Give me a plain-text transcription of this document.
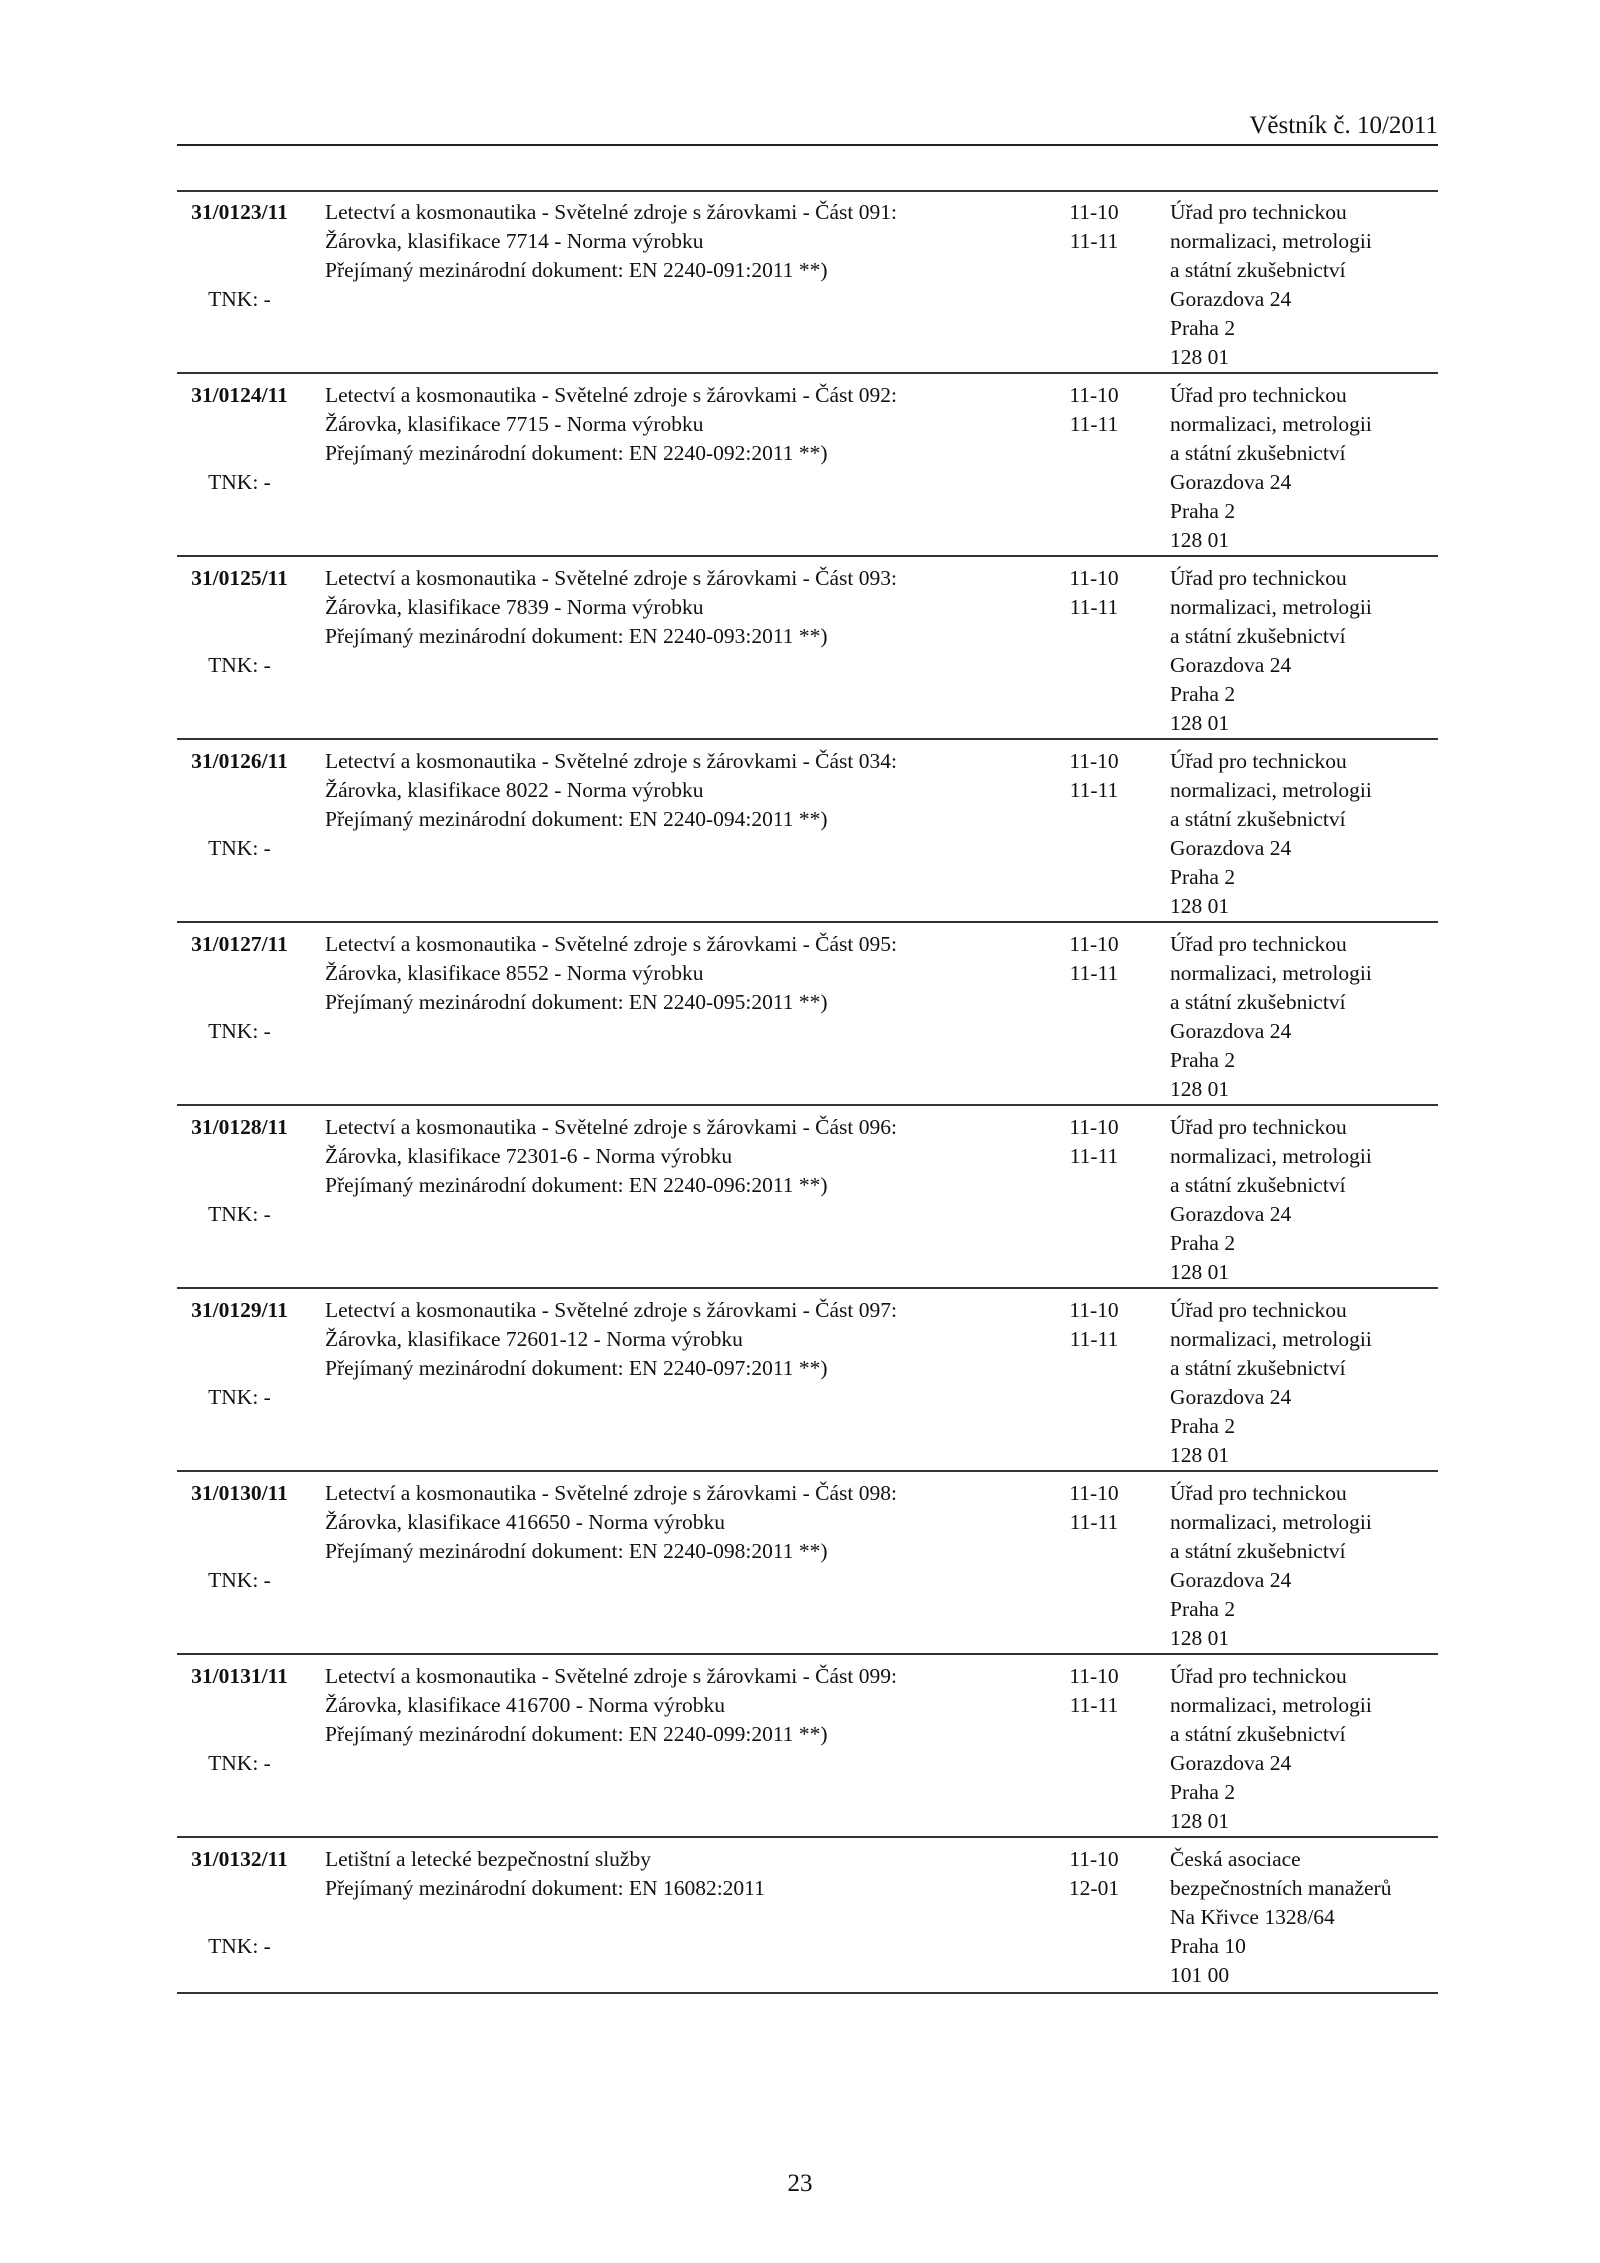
Věstník č. 10/2011
31/0123/11
TNK: -
Letectví a kosmonautika - Světelné zdroje s žárovkami - Část 091:
Žárovka, klasifikace 7714 - Norma výrobku
Přejímaný mezinárodní dokument: EN 2240-091:2011 **)
11-10
11-11
Úřad pro technickou
normalizaci, metrologii
a státní zkušebnictví
Gorazdova 24
Praha 2
128 01
31/0124/11
TNK: -
Letectví a kosmonautika - Světelné zdroje s žárovkami - Část 092:
Žárovka, klasifikace 7715 - Norma výrobku
Přejímaný mezinárodní dokument: EN 2240-092:2011 **)
11-10
11-11
Úřad pro technickou
normalizaci, metrologii
a státní zkušebnictví
Gorazdova 24
Praha 2
128 01
31/0125/11
TNK: -
Letectví a kosmonautika - Světelné zdroje s žárovkami - Část 093:
Žárovka, klasifikace 7839 - Norma výrobku
Přejímaný mezinárodní dokument: EN 2240-093:2011 **)
11-10
11-11
Úřad pro technickou
normalizaci, metrologii
a státní zkušebnictví
Gorazdova 24
Praha 2
128 01
31/0126/11
TNK: -
Letectví a kosmonautika - Světelné zdroje s žárovkami - Část 034:
Žárovka, klasifikace 8022 - Norma výrobku
Přejímaný mezinárodní dokument: EN 2240-094:2011 **)
11-10
11-11
Úřad pro technickou
normalizaci, metrologii
a státní zkušebnictví
Gorazdova 24
Praha 2
128 01
31/0127/11
TNK: -
Letectví a kosmonautika - Světelné zdroje s žárovkami - Část 095:
Žárovka, klasifikace 8552 - Norma výrobku
Přejímaný mezinárodní dokument: EN 2240-095:2011 **)
11-10
11-11
Úřad pro technickou
normalizaci, metrologii
a státní zkušebnictví
Gorazdova 24
Praha 2
128 01
31/0128/11
TNK: -
Letectví a kosmonautika - Světelné zdroje s žárovkami - Část 096:
Žárovka, klasifikace 72301-6 - Norma výrobku
Přejímaný mezinárodní dokument: EN 2240-096:2011 **)
11-10
11-11
Úřad pro technickou
normalizaci, metrologii
a státní zkušebnictví
Gorazdova 24
Praha 2
128 01
31/0129/11
TNK: -
Letectví a kosmonautika - Světelné zdroje s žárovkami - Část 097:
Žárovka, klasifikace 72601-12 - Norma výrobku
Přejímaný mezinárodní dokument: EN 2240-097:2011 **)
11-10
11-11
Úřad pro technickou
normalizaci, metrologii
a státní zkušebnictví
Gorazdova 24
Praha 2
128 01
31/0130/11
TNK: -
Letectví a kosmonautika - Světelné zdroje s žárovkami - Část 098:
Žárovka, klasifikace 416650 - Norma výrobku
Přejímaný mezinárodní dokument: EN 2240-098:2011 **)
11-10
11-11
Úřad pro technickou
normalizaci, metrologii
a státní zkušebnictví
Gorazdova 24
Praha 2
128 01
31/0131/11
TNK: -
Letectví a kosmonautika - Světelné zdroje s žárovkami - Část 099:
Žárovka, klasifikace 416700 - Norma výrobku
Přejímaný mezinárodní dokument: EN 2240-099:2011 **)
11-10
11-11
Úřad pro technickou
normalizaci, metrologii
a státní zkušebnictví
Gorazdova 24
Praha 2
128 01
31/0132/11
TNK: -
Letištní a letecké bezpečnostní služby
Přejímaný mezinárodní dokument: EN 16082:2011
11-10
12-01
Česká asociace
bezpečnostních manažerů
Na Křivce 1328/64
Praha 10
101 00
23
